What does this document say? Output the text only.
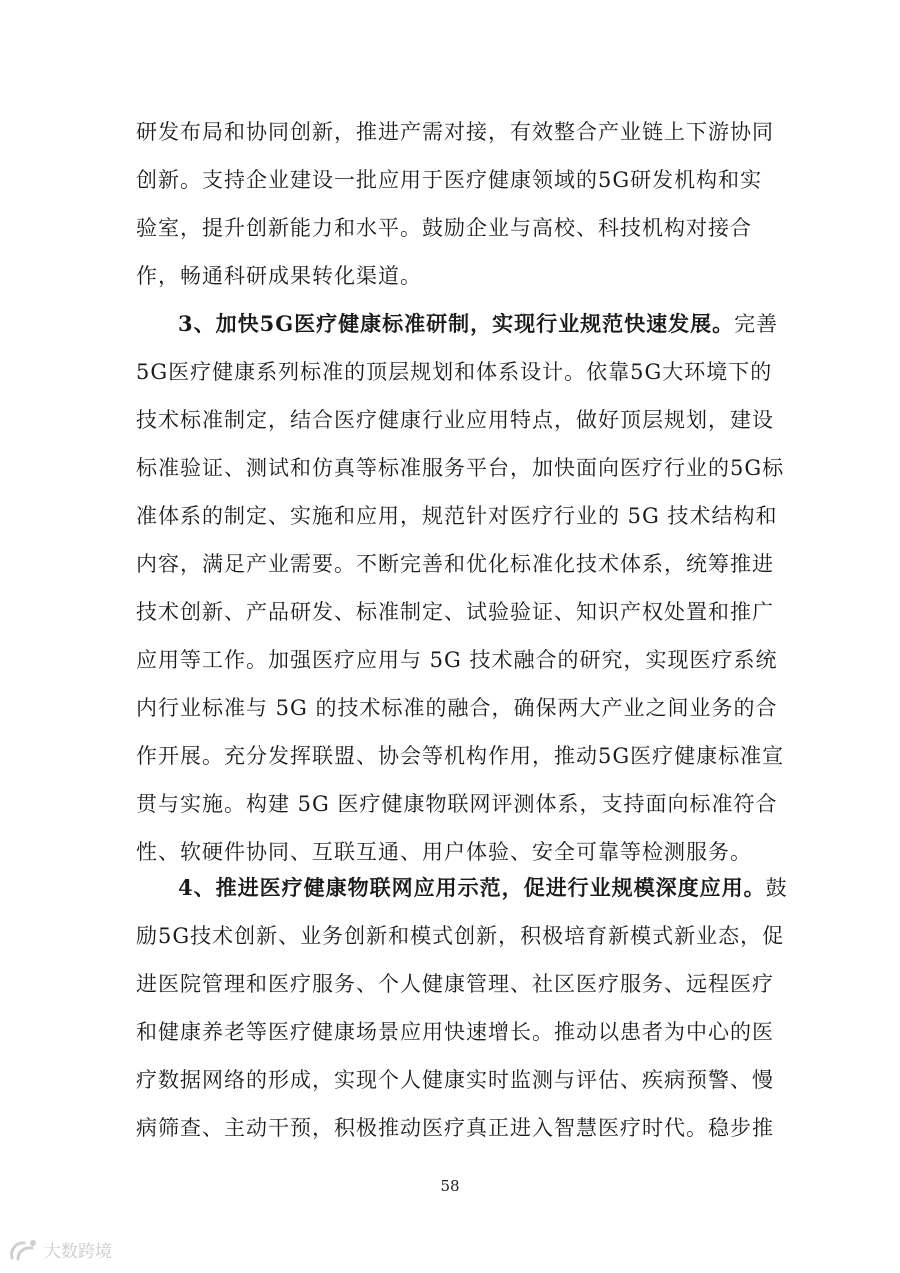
研发布局和协同创新，推进产需对接，有效整合产业链上下游协同
创新。支持企业建设一批应用于医疗健康领域的5G研发机构和实
验室，提升创新能力和水平。鼓励企业与高校、科技机构对接合
作，畅通科研成果转化渠道。
3、加快5G医疗健康标准研制，实现行业规范快速发展。完善
5G医疗健康系列标准的顶层规划和体系设计。依靠5G大环境下的
技术标准制定，结合医疗健康行业应用特点，做好顶层规划，建设
标准验证、测试和仿真等标准服务平台，加快面向医疗行业的5G标
准体系的制定、实施和应用，规范针对医疗行业的 5G 技术结构和
内容，满足产业需要。不断完善和优化标准化技术体系，统筹推进
技术创新、产品研发、标准制定、试验验证、知识产权处置和推广
应用等工作。加强医疗应用与 5G 技术融合的研究，实现医疗系统
内行业标准与 5G 的技术标准的融合，确保两大产业之间业务的合
作开展。充分发挥联盟、协会等机构作用，推动5G医疗健康标准宣
贯与实施。构建 5G 医疗健康物联网评测体系，支持面向标准符合
性、软硬件协同、互联互通、用户体验、安全可靠等检测服务。
4、推进医疗健康物联网应用示范，促进行业规模深度应用。鼓
励5G技术创新、业务创新和模式创新，积极培育新模式新业态，促
进医院管理和医疗服务、个人健康管理、社区医疗服务、远程医疗
和健康养老等医疗健康场景应用快速增长。推动以患者为中心的医
疗数据网络的形成，实现个人健康实时监测与评估、疾病预警、慢
病筛查、主动干预，积极推动医疗真正进入智慧医疗时代。稳步推
58
大数跨境
